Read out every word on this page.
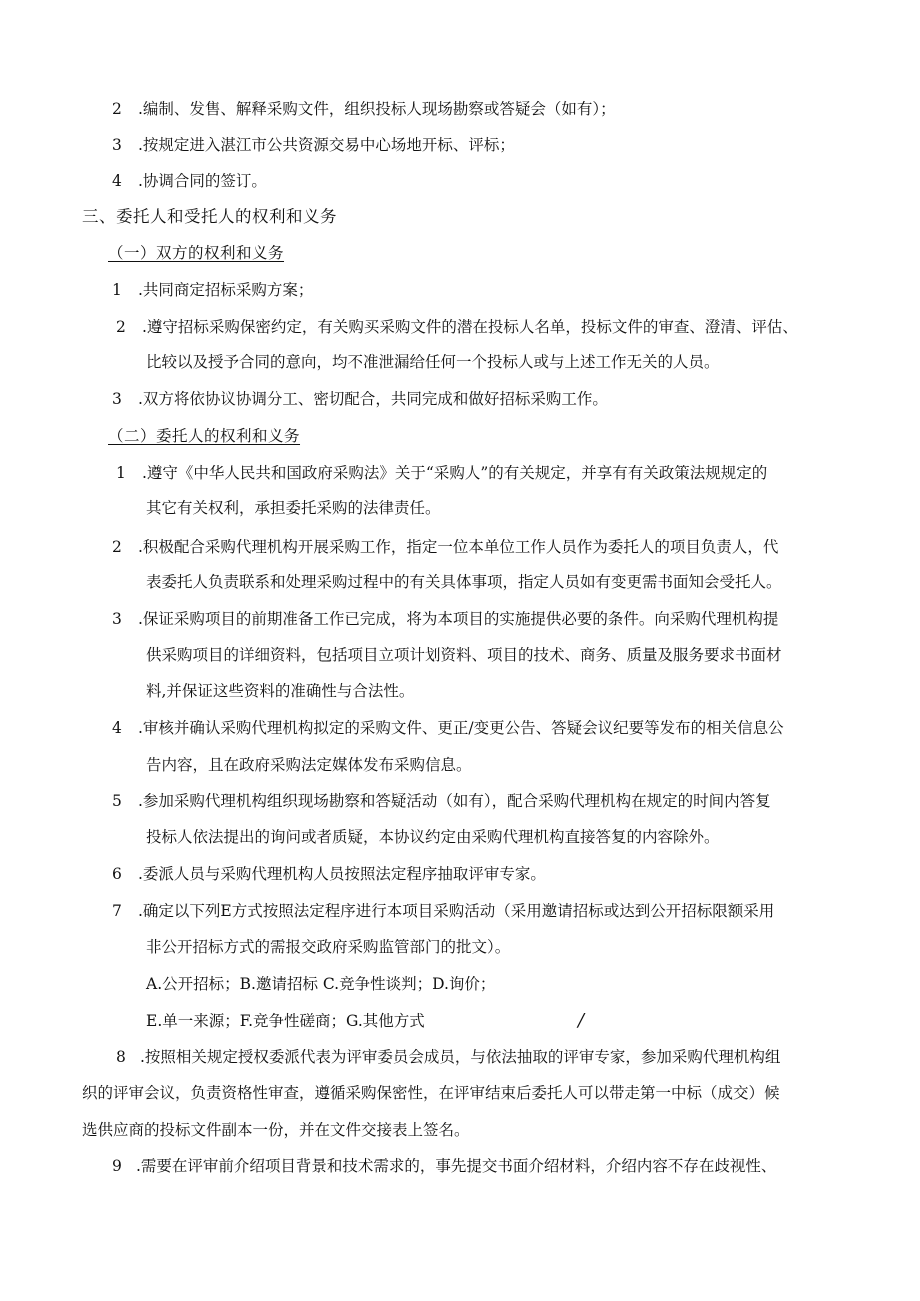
2 .编制、发售、解释采购文件，组织投标人现场勘察或答疑会（如有）；
3 .按规定进入湛江市公共资源交易中心场地开标、评标；
4 .协调合同的签订。
三、委托人和受托人的权利和义务
（一）双方的权利和义务
1 .共同商定招标采购方案；
2 .遵守招标采购保密约定，有关购买采购文件的潜在投标人名单，投标文件的审查、澄清、评估、
比较以及授予合同的意向，均不准泄漏给任何一个投标人或与上述工作无关的人员。
3 .双方将依协议协调分工、密切配合，共同完成和做好招标采购工作。
（二）委托人的权利和义务
1 .遵守《中华人民共和国政府采购法》关于“采购人”的有关规定，并享有有关政策法规规定的
其它有关权利，承担委托采购的法律责任。
2 .积极配合采购代理机构开展采购工作，指定一位本单位工作人员作为委托人的项目负责人，代
表委托人负责联系和处理采购过程中的有关具体事项，指定人员如有变更需书面知会受托人。
3 .保证采购项目的前期准备工作已完成，将为本项目的实施提供必要的条件。向采购代理机构提
供采购项目的详细资料，包括项目立项计划资料、项目的技术、商务、质量及服务要求书面材
料,并保证这些资料的准确性与合法性。
4 .审核并确认采购代理机构拟定的采购文件、更正/变更公告、答疑会议纪要等发布的相关信息公
告内容，且在政府采购法定媒体发布采购信息。
5 .参加采购代理机构组织现场勘察和答疑活动（如有），配合采购代理机构在规定的时间内答复
投标人依法提出的询问或者质疑，本协议约定由采购代理机构直接答复的内容除外。
6 .委派人员与采购代理机构人员按照法定程序抽取评审专家。
7 .确定以下列E方式按照法定程序进行本项目采购活动（采用邀请招标或达到公开招标限额采用
非公开招标方式的需报交政府采购监管部门的批文）。
A.公开招标；B.邀请招标 C.竞争性谈判；D.询价；
E.单一来源；F.竞争性磋商；G.其他方式	/
8 .按照相关规定授权委派代表为评审委员会成员，与依法抽取的评审专家，参加采购代理机构组
织的评审会议，负责资格性审查，遵循采购保密性，在评审结束后委托人可以带走第一中标（成交）候
选供应商的投标文件副本一份，并在文件交接表上签名。
9 .需要在评审前介绍项目背景和技术需求的，事先提交书面介绍材料，介绍内容不存在歧视性、
